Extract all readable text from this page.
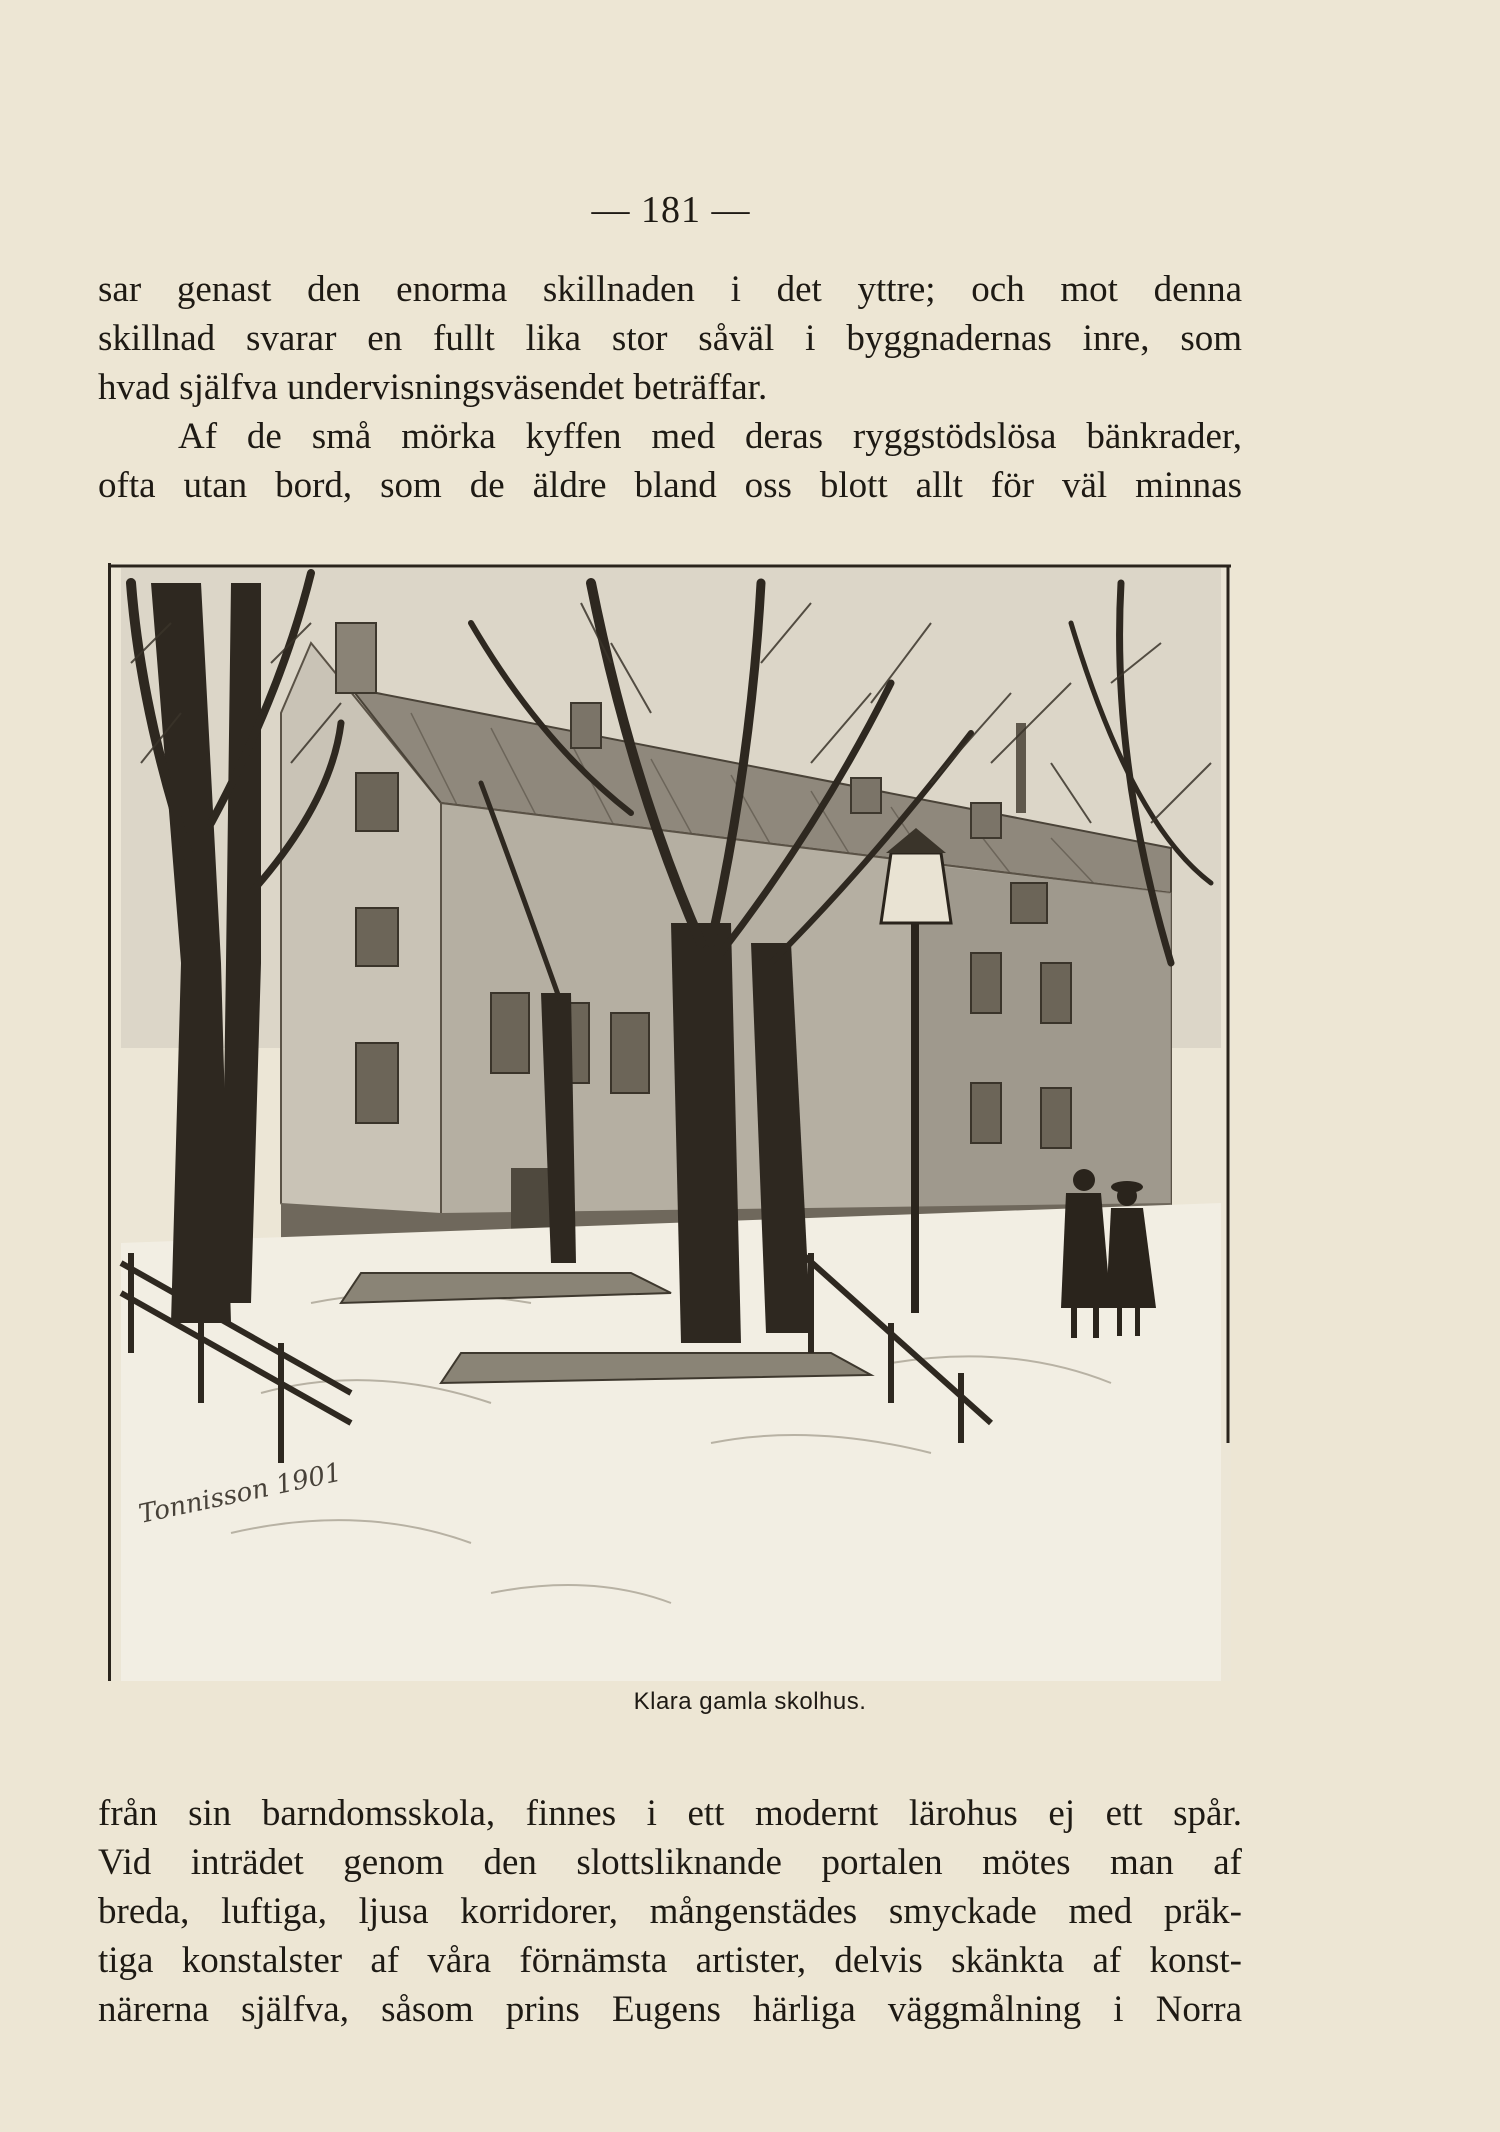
— 181 —

sar genast den enorma skillnaden i det yttre; och mot denna
skillnad svarar en fullt lika stor såväl i byggnadernas inre, som
hvad själfva undervisningsväsendet beträffar.

Af de små mörka kyffen med deras ryggstödslösa bänkrader,
ofta utan bord, som de äldre bland oss blott allt för väl minnas

Tonnisson 1901
Klara gamla skolhus.

från sin barndomsskola, finnes i ett modernt lärohus ej ett spår.
Vid inträdet genom den slottsliknande portalen mötes man af
breda, luftiga, ljusa korridorer, mångenstädes smyckade med präk-
tiga konstalster af våra förnämsta artister, delvis skänkta af konst-
närerna själfva, såsom prins Eugens härliga väggmålning i Norra
